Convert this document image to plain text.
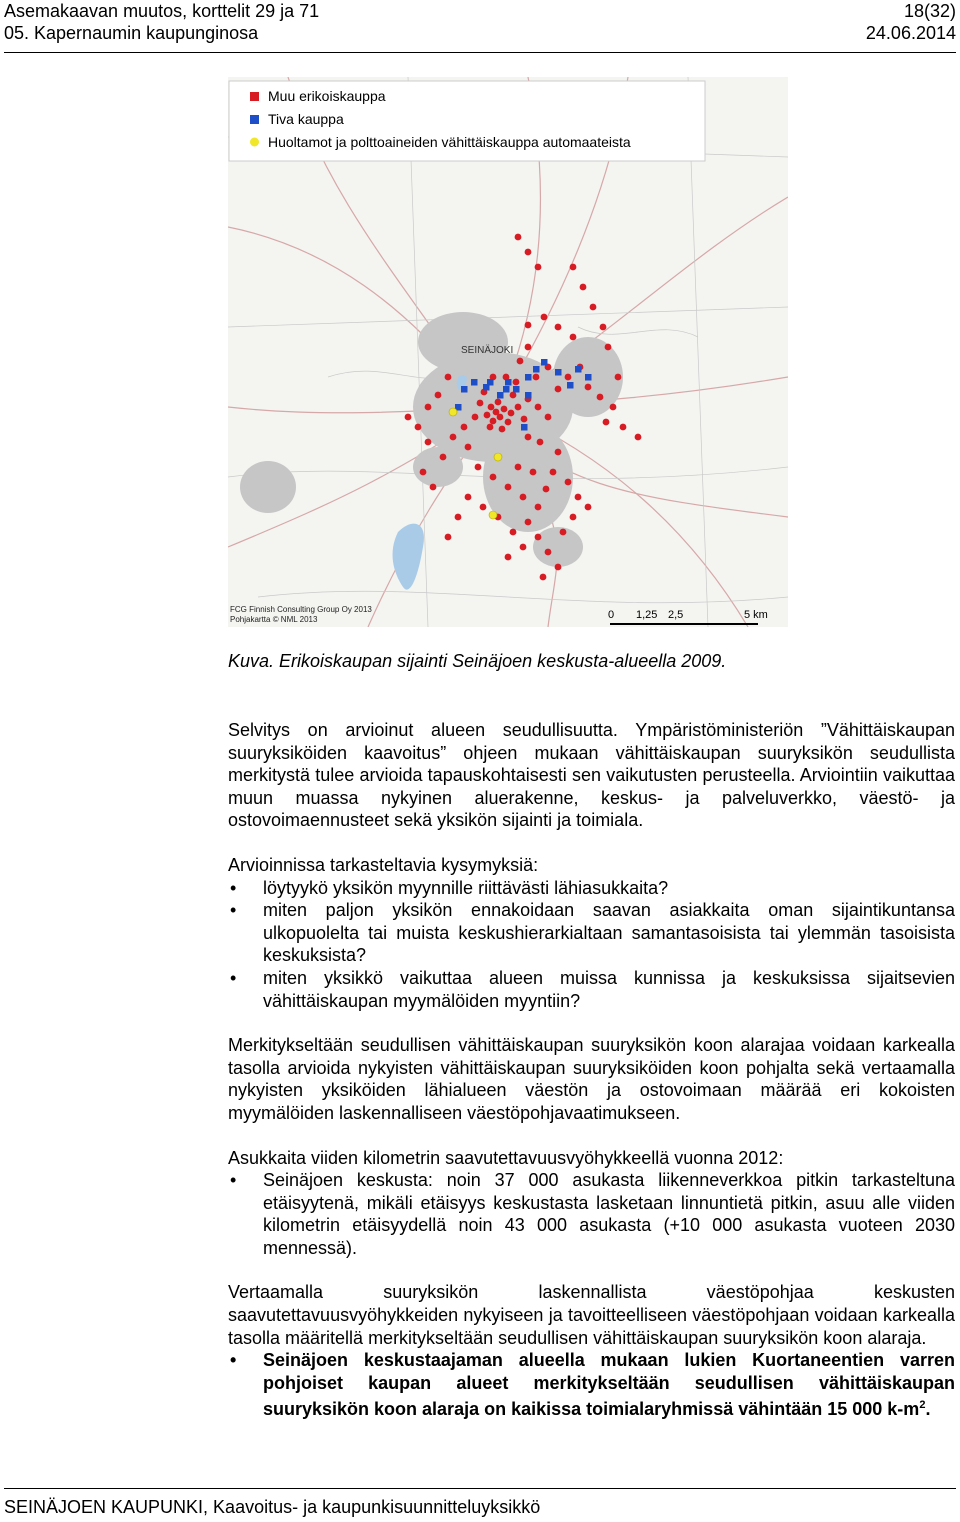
Asemakaavan muutos, korttelit 29 ja 71	18(32)
05. Kapernaumin kaupunginosa	24.06.2014
Muu erikoiskauppa
Tiva kauppa
Huoltamot ja polttoaineiden vähittäiskauppa automaateista
SEINÄJOKI
FCG Finnish Consulting Group Oy 2013
Pohjakartta © NML 2013	0 1,25 2,5	5 km
Kuva. Erikoiskaupan sijainti Seinäjoen keskusta-alueella 2009.

Selvitys on arvioinut alueen seudullisuutta. Ympäristöministeriön ”Vähittäiskaupan suuryksiköiden kaavoitus” ohjeen mukaan vähittäiskaupan suuryksikön seudullista merkitystä tulee arvioida tapauskohtaisesti sen vaikutusten perusteella. Arviointiin vaikuttaa muun muassa nykyinen aluerakenne, keskus- ja palveluverkko, väestö- ja ostovoimaennusteet sekä yksikön sijainti ja toimiala.

Arvioinnissa tarkasteltavia kysymyksiä:

• löytyykö yksikön myynnille riittävästi lähiasukkaita?
• miten paljon yksikön ennakoidaan saavan asiakkaita oman sijaintikuntansa ulkopuolelta tai muista keskushierarkialtaan samantasoisista tai ylemmän tasoisista keskuksista?
• miten yksikkö vaikuttaa alueen muissa kunnissa ja keskuksissa sijaitsevien vähittäiskaupan myymälöiden myyntiin?

Merkitykseltään seudullisen vähittäiskaupan suuryksikön koon alarajaa voidaan karkealla tasolla arvioida nykyisten vähittäiskaupan suuryksiköiden koon pohjalta sekä vertaamalla nykyisten yksiköiden lähialueen väestön ja ostovoimaan määrää eri kokoisten myymälöiden laskennalliseen väestöpohjavaatimukseen.

Asukkaita viiden kilometrin saavutettavuusvyöhykkeellä vuonna 2012:

• Seinäjoen keskusta: noin 37 000 asukasta liikenneverkkoa pitkin tarkasteltuna etäisyytenä, mikäli etäisyys keskustasta lasketaan linnuntietä pitkin, asuu alle viiden kilometrin etäisyydellä noin 43 000 asukasta (+10 000 asukasta vuoteen 2030 mennessä).

Vertaamalla suuryksikön laskennallista väestöpohjaa keskusten saavutettavuusvyöhykkeiden nykyiseen ja tavoitteelliseen väestöpohjaan voidaan karkealla tasolla määritellä merkitykseltään seudullisen vähittäiskaupan suuryksikön koon alaraja.

• Seinäjoen keskustaajaman alueella mukaan lukien Kuortaneentien varren pohjoiset kaupan alueet merkitykseltään seudullisen vähittäiskaupan suuryksikön koon alaraja on kaikissa toimialaryhmissä vähintään 15 000 $k-m^2$.
SEINÄJOEN KAUPUNKI, Kaavoitus- ja kaupunkisuunnitteluyksikkö
